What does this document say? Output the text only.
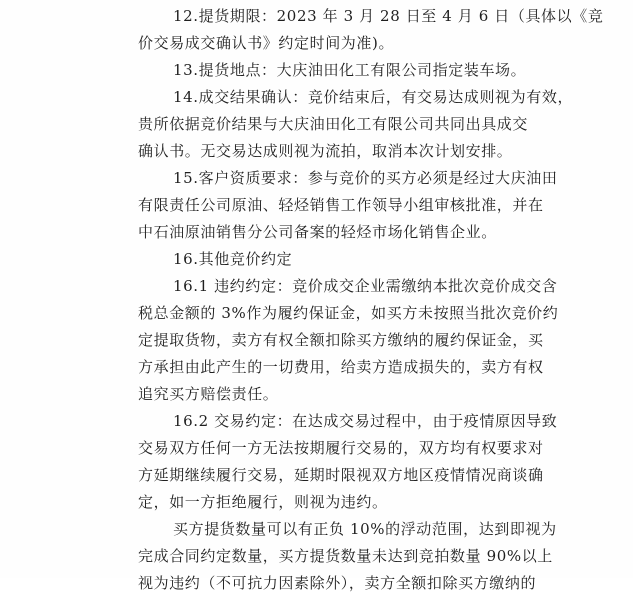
12.提货期限：2023 年 3 月 28 日至 4 月 6 日（具体以《竞
价交易成交确认书》约定时间为准)。
13.提货地点：大庆油田化工有限公司指定装车场。
14.成交结果确认：竞价结束后，有交易达成则视为有效，
贵所依据竞价结果与大庆油田化工有限公司共同出具成交
确认书。无交易达成则视为流拍，取消本次计划安排。
15.客户资质要求：参与竞价的买方必须是经过大庆油田
有限责任公司原油、轻烃销售工作领导小组审核批准，并在
中石油原油销售分公司备案的轻烃市场化销售企业。
16.其他竞价约定
16.1 违约约定：竞价成交企业需缴纳本批次竞价成交含
税总金额的 3%作为履约保证金，如买方未按照当批次竞价约
定提取货物，卖方有权全额扣除买方缴纳的履约保证金，买
方承担由此产生的一切费用，给卖方造成损失的，卖方有权
追究买方赔偿责任。
16.2 交易约定：在达成交易过程中，由于疫情原因导致
交易双方任何一方无法按期履行交易的，双方均有权要求对
方延期继续履行交易，延期时限视双方地区疫情情况商谈确
定，如一方拒绝履行，则视为违约。
买方提货数量可以有正负 10%的浮动范围，达到即视为
完成合同约定数量，买方提货数量未达到竞拍数量 90%以上
视为违约（不可抗力因素除外），卖方全额扣除买方缴纳的
